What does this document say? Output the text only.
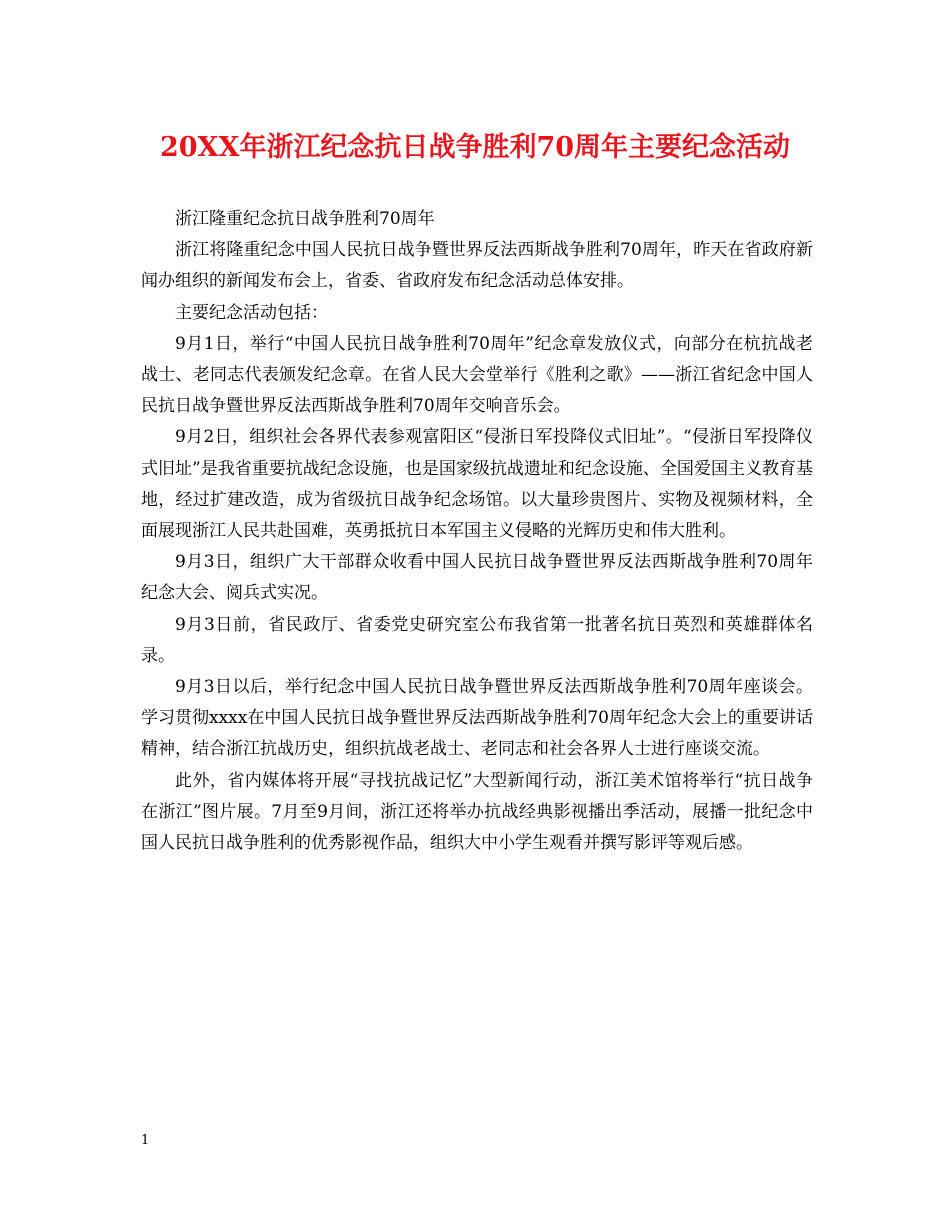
20XX年浙江纪念抗日战争胜利70周年主要纪念活动

浙江隆重纪念抗日战争胜利70周年

浙江将隆重纪念中国人民抗日战争暨世界反法西斯战争胜利70周年，昨天在省政府新闻办组织的新闻发布会上，省委、省政府发布纪念活动总体安排。

主要纪念活动包括：

9月1日，举行“中国人民抗日战争胜利70周年”纪念章发放仪式，向部分在杭抗战老战士、老同志代表颁发纪念章。在省人民大会堂举行《胜利之歌》——浙江省纪念中国人民抗日战争暨世界反法西斯战争胜利70周年交响音乐会。

9月2日，组织社会各界代表参观富阳区“侵浙日军投降仪式旧址”。“侵浙日军投降仪式旧址”是我省重要抗战纪念设施，也是国家级抗战遗址和纪念设施、全国爱国主义教育基地，经过扩建改造，成为省级抗日战争纪念场馆。以大量珍贵图片、实物及视频材料，全面展现浙江人民共赴国难，英勇抵抗日本军国主义侵略的光辉历史和伟大胜利。

9月3日，组织广大干部群众收看中国人民抗日战争暨世界反法西斯战争胜利70周年纪念大会、阅兵式实况。

9月3日前，省民政厅、省委党史研究室公布我省第一批著名抗日英烈和英雄群体名录。

9月3日以后，举行纪念中国人民抗日战争暨世界反法西斯战争胜利70周年座谈会。学习贯彻xxxx在中国人民抗日战争暨世界反法西斯战争胜利70周年纪念大会上的重要讲话精神，结合浙江抗战历史，组织抗战老战士、老同志和社会各界人士进行座谈交流。

此外，省内媒体将开展“寻找抗战记忆”大型新闻行动，浙江美术馆将举行“抗日战争在浙江”图片展。7月至9月间，浙江还将举办抗战经典影视播出季活动，展播一批纪念中国人民抗日战争胜利的优秀影视作品，组织大中小学生观看并撰写影评等观后感。

1
